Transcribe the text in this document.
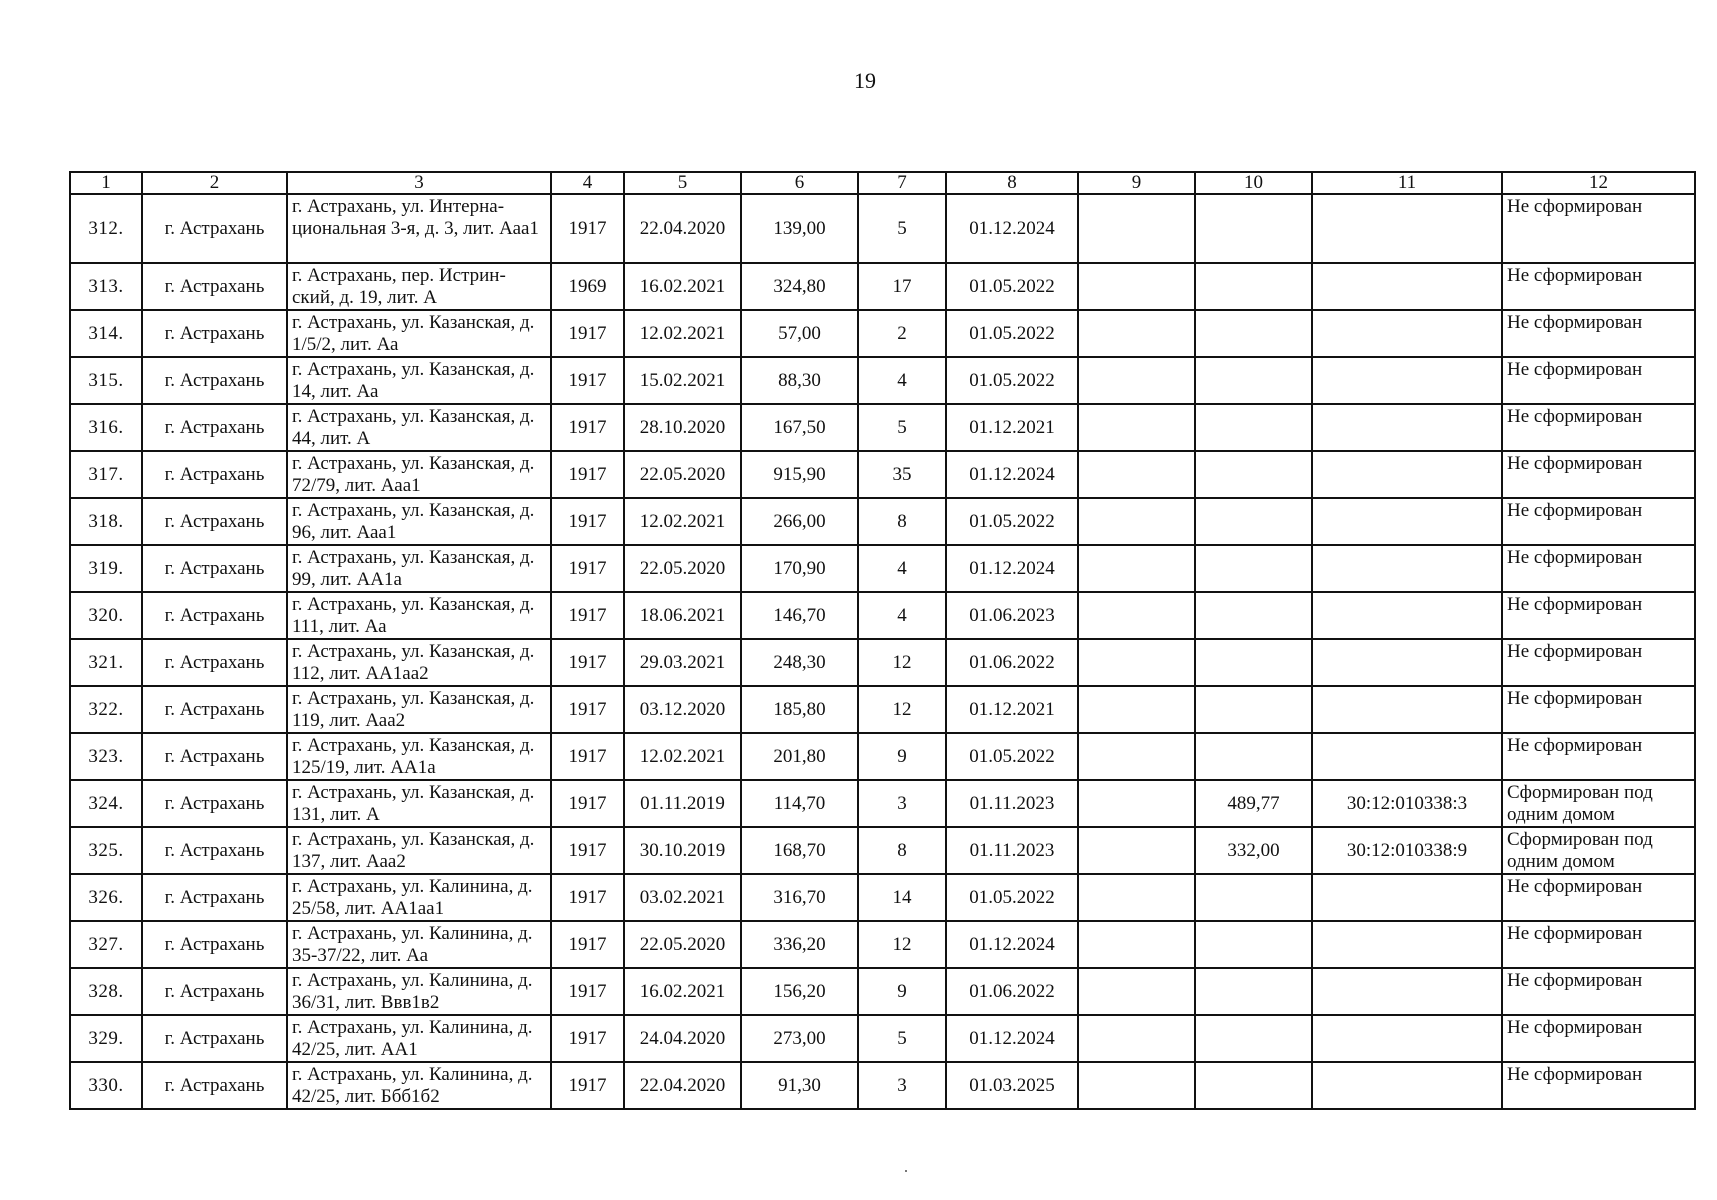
19
1	2	3	4	5	6	7	8	9	10	11	12
312.	г. Астрахань	г. Астрахань, ул. Интерна-циональная 3-я, д. 3, лит. Ааа1	1917	22.04.2020	139,00	5	01.12.2024				Не сформирован
313.	г. Астрахань	г. Астрахань, пер. Истрин-ский, д. 19, лит. А	1969	16.02.2021	324,80	17	01.05.2022				Не сформирован
314.	г. Астрахань	г. Астрахань, ул. Казанская, д. 1/5/2, лит. Аа	1917	12.02.2021	57,00	2	01.05.2022				Не сформирован
315.	г. Астрахань	г. Астрахань, ул. Казанская, д. 14, лит. Аа	1917	15.02.2021	88,30	4	01.05.2022				Не сформирован
316.	г. Астрахань	г. Астрахань, ул. Казанская, д. 44, лит. А	1917	28.10.2020	167,50	5	01.12.2021				Не сформирован
317.	г. Астрахань	г. Астрахань, ул. Казанская, д. 72/79, лит. Ааа1	1917	22.05.2020	915,90	35	01.12.2024				Не сформирован
318.	г. Астрахань	г. Астрахань, ул. Казанская, д. 96, лит. Ааа1	1917	12.02.2021	266,00	8	01.05.2022				Не сформирован
319.	г. Астрахань	г. Астрахань, ул. Казанская, д. 99, лит. АА1а	1917	22.05.2020	170,90	4	01.12.2024				Не сформирован
320.	г. Астрахань	г. Астрахань, ул. Казанская, д. 111, лит. Аа	1917	18.06.2021	146,70	4	01.06.2023				Не сформирован
321.	г. Астрахань	г. Астрахань, ул. Казанская, д. 112, лит. АА1аа2	1917	29.03.2021	248,30	12	01.06.2022				Не сформирован
322.	г. Астрахань	г. Астрахань, ул. Казанская, д. 119, лит. Ааа2	1917	03.12.2020	185,80	12	01.12.2021				Не сформирован
323.	г. Астрахань	г. Астрахань, ул. Казанская, д. 125/19, лит. АА1а	1917	12.02.2021	201,80	9	01.05.2022				Не сформирован
324.	г. Астрахань	г. Астрахань, ул. Казанская, д. 131, лит. А	1917	01.11.2019	114,70	3	01.11.2023		489,77	30:12:010338:3	Сформирован под одним домом
325.	г. Астрахань	г. Астрахань, ул. Казанская, д. 137, лит. Ааа2	1917	30.10.2019	168,70	8	01.11.2023		332,00	30:12:010338:9	Сформирован под одним домом
326.	г. Астрахань	г. Астрахань, ул. Калинина, д. 25/58, лит. АА1аа1	1917	03.02.2021	316,70	14	01.05.2022				Не сформирован
327.	г. Астрахань	г. Астрахань, ул. Калинина, д. 35-37/22, лит. Аа	1917	22.05.2020	336,20	12	01.12.2024				Не сформирован
328.	г. Астрахань	г. Астрахань, ул. Калинина, д. 36/31, лит. Ввв1в2	1917	16.02.2021	156,20	9	01.06.2022				Не сформирован
329.	г. Астрахань	г. Астрахань, ул. Калинина, д. 42/25, лит. АА1	1917	24.04.2020	273,00	5	01.12.2024				Не сформирован
330.	г. Астрахань	г. Астрахань, ул. Калинина, д. 42/25, лит. Ббб1б2	1917	22.04.2020	91,30	3	01.03.2025				Не сформирован
